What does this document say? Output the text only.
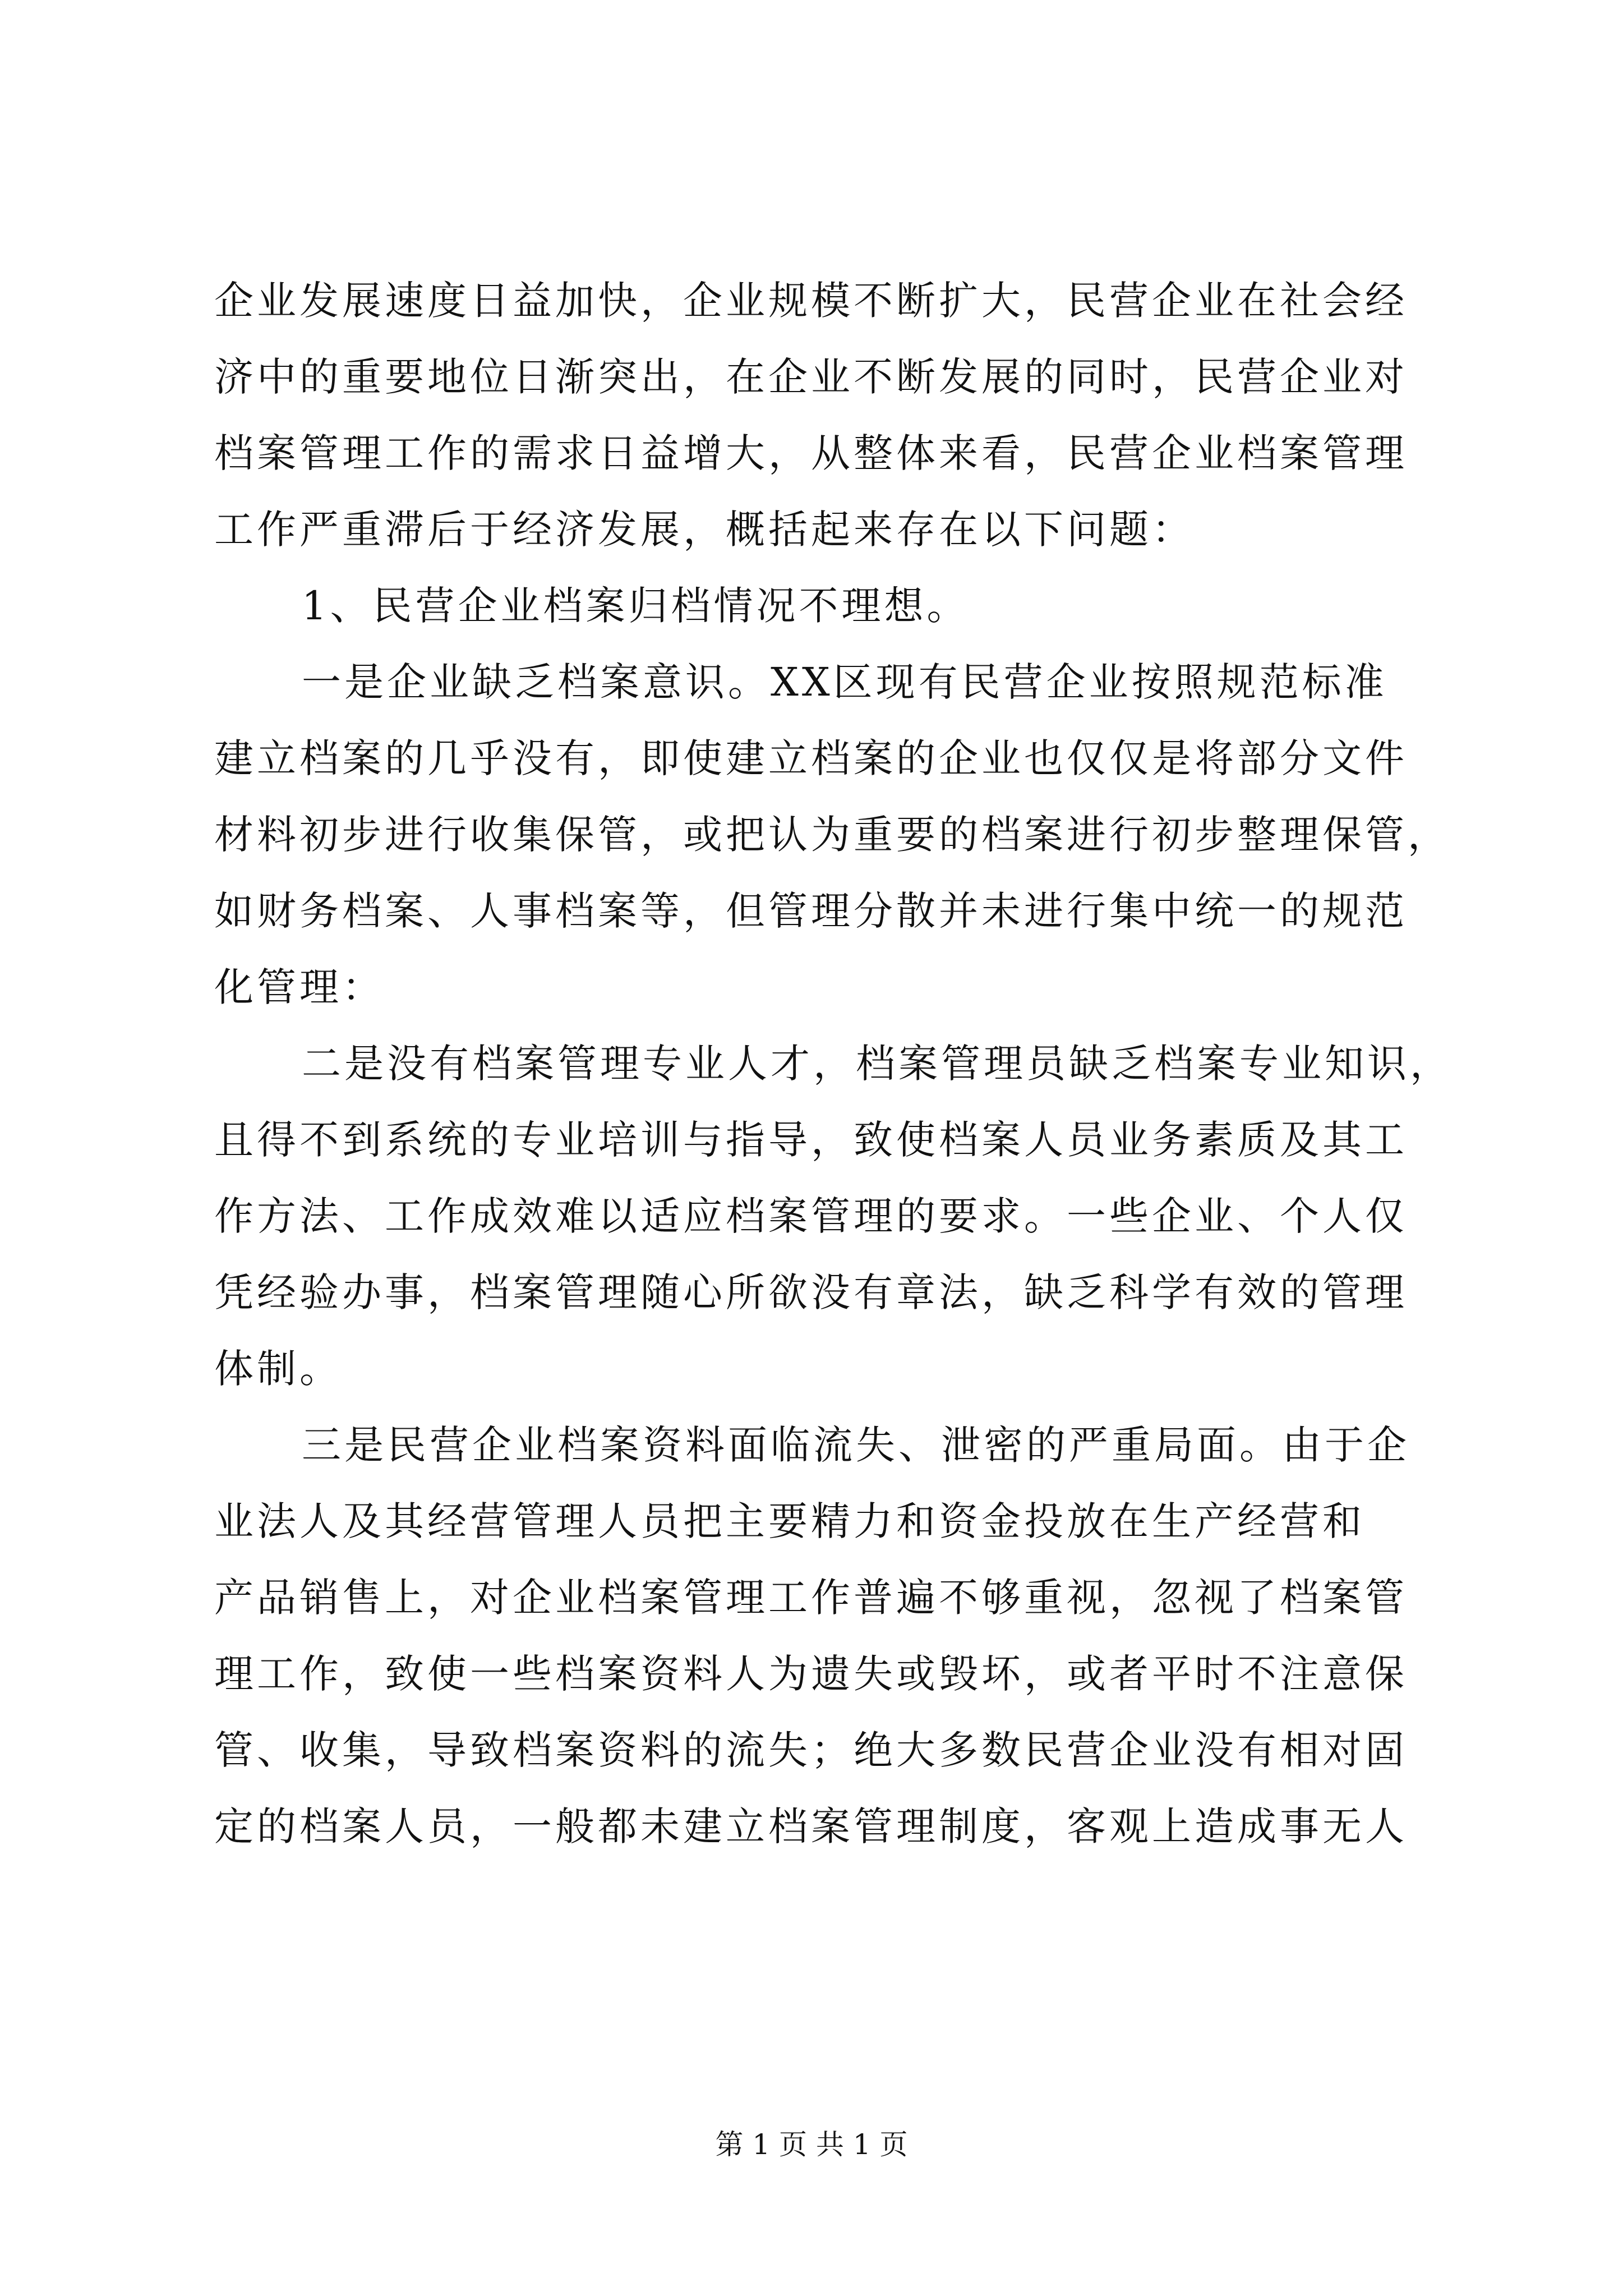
企业发展速度日益加快，企业规模不断扩大，民营企业在社会经
济中的重要地位日渐突出，在企业不断发展的同时，民营企业对
档案管理工作的需求日益增大，从整体来看，民营企业档案管理
工作严重滞后于经济发展，概括起来存在以下问题：
1、民营企业档案归档情况不理想。
一是企业缺乏档案意识。XX区现有民营企业按照规范标准
建立档案的几乎没有，即使建立档案的企业也仅仅是将部分文件
材料初步进行收集保管，或把认为重要的档案进行初步整理保管，
如财务档案、人事档案等，但管理分散并未进行集中统一的规范
化管理：
二是没有档案管理专业人才，档案管理员缺乏档案专业知识，
且得不到系统的专业培训与指导，致使档案人员业务素质及其工
作方法、工作成效难以适应档案管理的要求。一些企业、个人仅
凭经验办事，档案管理随心所欲没有章法，缺乏科学有效的管理
体制。
三是民营企业档案资料面临流失、泄密的严重局面。由于企
业法人及其经营管理人员把主要精力和资金投放在生产经营和
产品销售上，对企业档案管理工作普遍不够重视，忽视了档案管
理工作，致使一些档案资料人为遗失或毁坏，或者平时不注意保
管、收集，导致档案资料的流失；绝大多数民营企业没有相对固
定的档案人员，一般都未建立档案管理制度，客观上造成事无人
第 1 页 共 1 页
